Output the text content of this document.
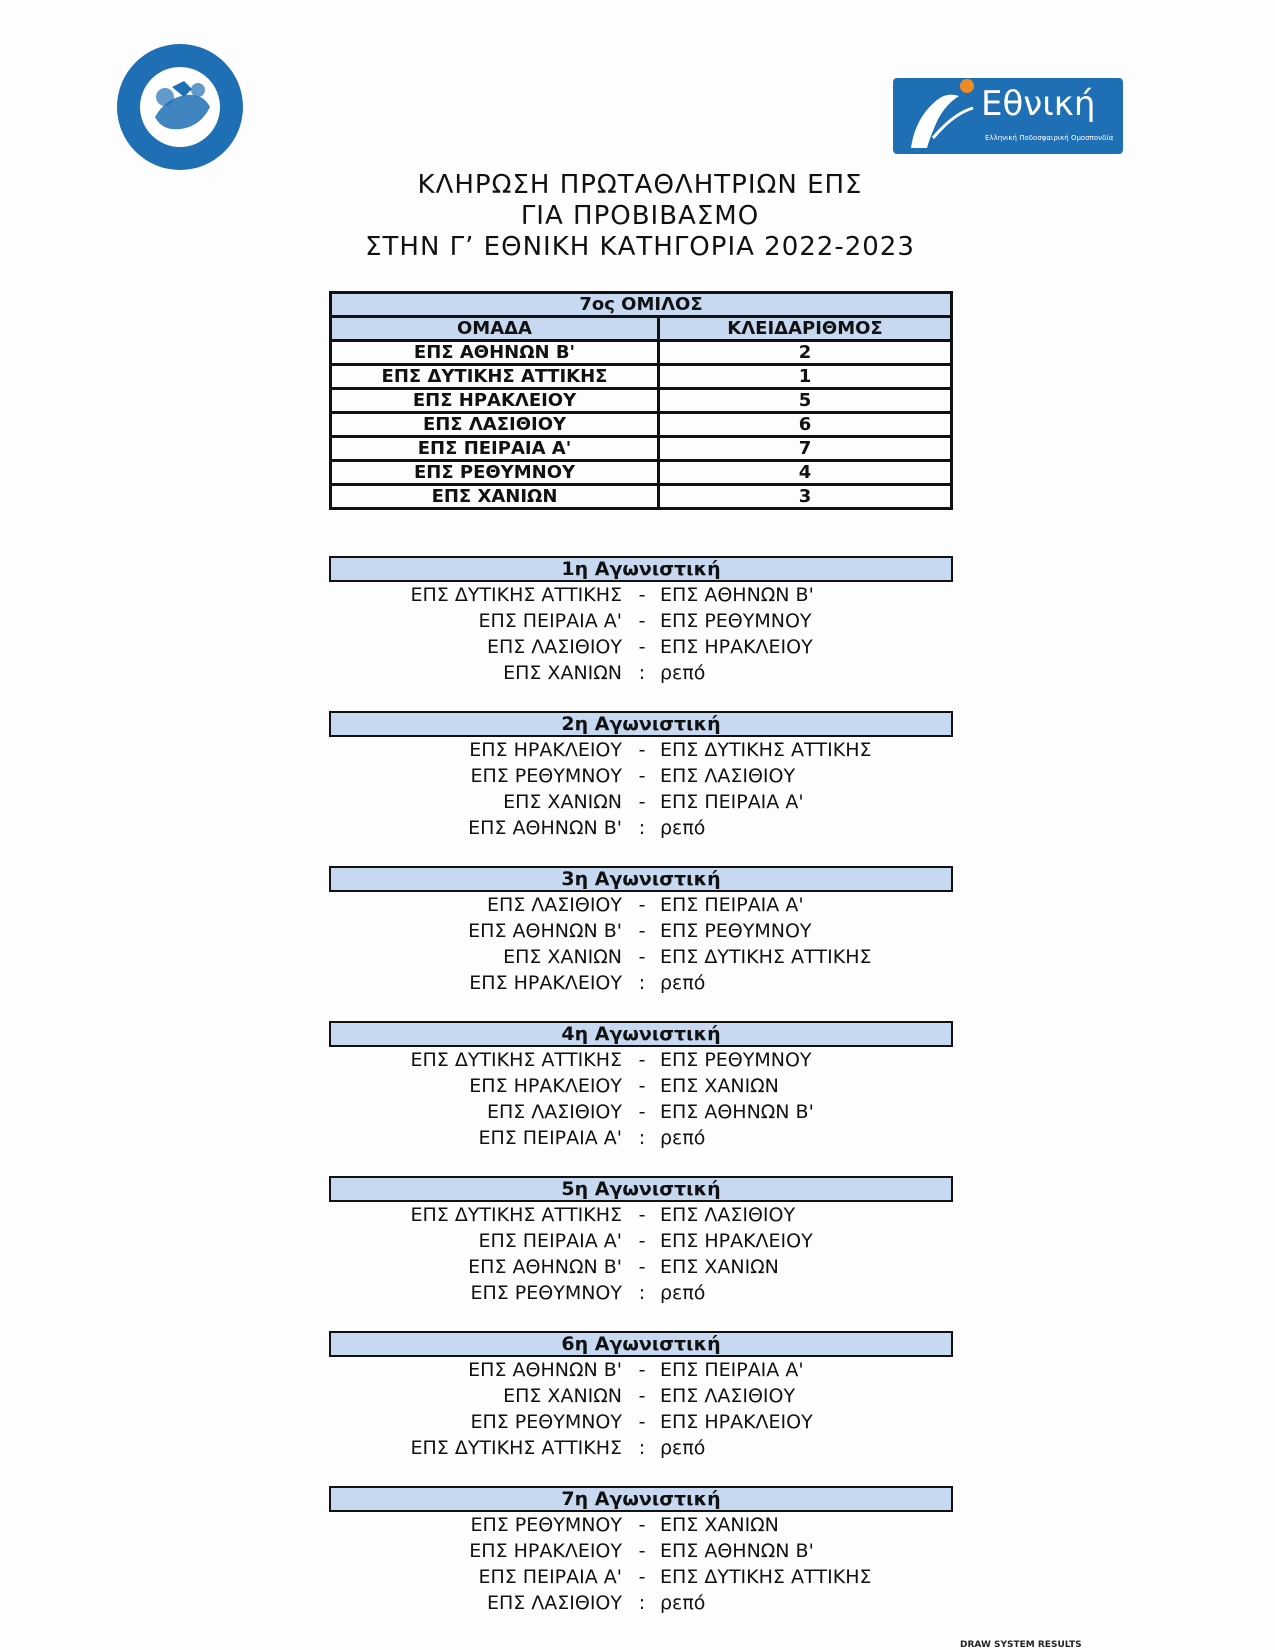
Εθνική
Ελληνική Ποδοσφαιρική Ομοσπονδία
ΚΛΗΡΩΣΗ ΠΡΩΤΑΘΛΗΤΡΙΩΝ ΕΠΣ
ΓΙΑ ΠΡΟΒΙΒΑΣΜΟ
ΣΤΗΝ Γ’ ΕΘΝΙΚΗ ΚΑΤΗΓΟΡΙΑ 2022-2023
7ος ΟΜΙΛΟΣ	
ΟΜΑΔΑ	ΚΛΕΙΔΑΡΙΘΜΟΣ
ΕΠΣ ΑΘΗΝΩΝ Β'	2
ΕΠΣ ΔΥΤΙΚΗΣ ΑΤΤΙΚΗΣ	1
ΕΠΣ ΗΡΑΚΛΕΙΟΥ	5
ΕΠΣ ΛΑΣΙΘΙΟΥ	6
ΕΠΣ ΠΕΙΡΑΙΑ Α'	7
ΕΠΣ ΡΕΘΥΜΝΟΥ	4
ΕΠΣ ΧΑΝΙΩΝ	3
1η Αγωνιστική
ΕΠΣ ΔΥΤΙΚΗΣ ΑΤΤΙΚΗΣ - ΕΠΣ ΑΘΗΝΩΝ Β'
ΕΠΣ ΠΕΙΡΑΙΑ Α' - ΕΠΣ ΡΕΘΥΜΝΟΥ
ΕΠΣ ΛΑΣΙΘΙΟΥ - ΕΠΣ ΗΡΑΚΛΕΙΟΥ
ΕΠΣ ΧΑΝΙΩΝ : ρεπό
2η Αγωνιστική
ΕΠΣ ΗΡΑΚΛΕΙΟΥ - ΕΠΣ ΔΥΤΙΚΗΣ ΑΤΤΙΚΗΣ
ΕΠΣ ΡΕΘΥΜΝΟΥ - ΕΠΣ ΛΑΣΙΘΙΟΥ
ΕΠΣ ΧΑΝΙΩΝ - ΕΠΣ ΠΕΙΡΑΙΑ Α'
ΕΠΣ ΑΘΗΝΩΝ Β' : ρεπό
3η Αγωνιστική
ΕΠΣ ΛΑΣΙΘΙΟΥ - ΕΠΣ ΠΕΙΡΑΙΑ Α'
ΕΠΣ ΑΘΗΝΩΝ Β' - ΕΠΣ ΡΕΘΥΜΝΟΥ
ΕΠΣ ΧΑΝΙΩΝ - ΕΠΣ ΔΥΤΙΚΗΣ ΑΤΤΙΚΗΣ
ΕΠΣ ΗΡΑΚΛΕΙΟΥ : ρεπό
4η Αγωνιστική
ΕΠΣ ΔΥΤΙΚΗΣ ΑΤΤΙΚΗΣ - ΕΠΣ ΡΕΘΥΜΝΟΥ
ΕΠΣ ΗΡΑΚΛΕΙΟΥ - ΕΠΣ ΧΑΝΙΩΝ
ΕΠΣ ΛΑΣΙΘΙΟΥ - ΕΠΣ ΑΘΗΝΩΝ Β'
ΕΠΣ ΠΕΙΡΑΙΑ Α' : ρεπό
5η Αγωνιστική
ΕΠΣ ΔΥΤΙΚΗΣ ΑΤΤΙΚΗΣ - ΕΠΣ ΛΑΣΙΘΙΟΥ
ΕΠΣ ΠΕΙΡΑΙΑ Α' - ΕΠΣ ΗΡΑΚΛΕΙΟΥ
ΕΠΣ ΑΘΗΝΩΝ Β' - ΕΠΣ ΧΑΝΙΩΝ
ΕΠΣ ΡΕΘΥΜΝΟΥ : ρεπό
6η Αγωνιστική
ΕΠΣ ΑΘΗΝΩΝ Β' - ΕΠΣ ΠΕΙΡΑΙΑ Α'
ΕΠΣ ΧΑΝΙΩΝ - ΕΠΣ ΛΑΣΙΘΙΟΥ
ΕΠΣ ΡΕΘΥΜΝΟΥ - ΕΠΣ ΗΡΑΚΛΕΙΟΥ
ΕΠΣ ΔΥΤΙΚΗΣ ΑΤΤΙΚΗΣ : ρεπό
7η Αγωνιστική
ΕΠΣ ΡΕΘΥΜΝΟΥ - ΕΠΣ ΧΑΝΙΩΝ
ΕΠΣ ΗΡΑΚΛΕΙΟΥ - ΕΠΣ ΑΘΗΝΩΝ Β'
ΕΠΣ ΠΕΙΡΑΙΑ Α' - ΕΠΣ ΔΥΤΙΚΗΣ ΑΤΤΙΚΗΣ
ΕΠΣ ΛΑΣΙΘΙΟΥ : ρεπό
DRAW SYSTEM RESULTS
